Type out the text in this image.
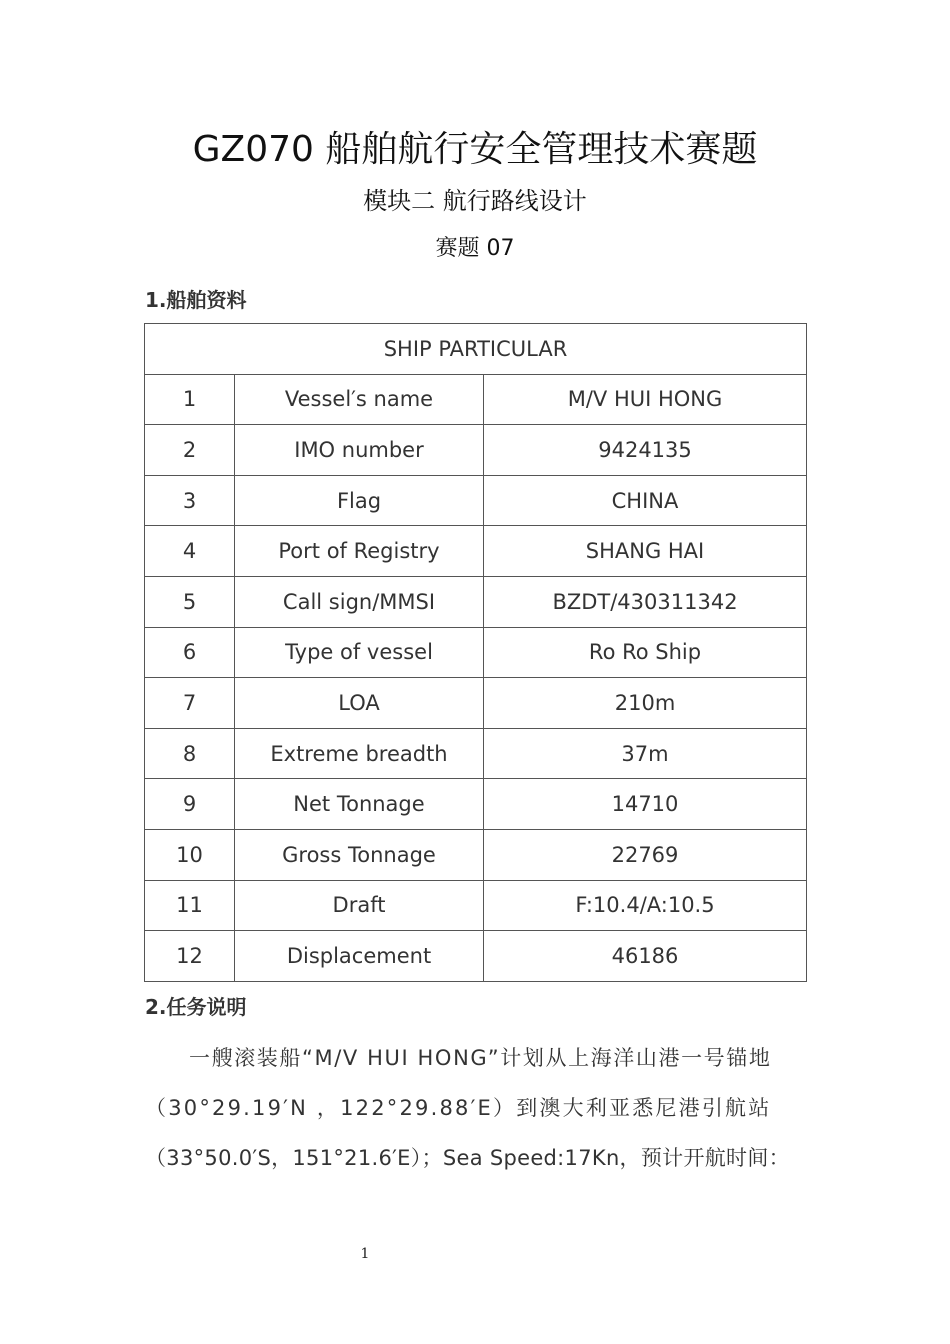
GZ070 船舶航行安全管理技术赛题
模块二 航行路线设计
赛题 07
1.船舶资料
SHIP PARTICULAR		
1	Vessel′s name	M/V HUI HONG
2	IMO number	9424135
3	Flag	CHINA
4	Port of Registry	SHANG HAI
5	Call sign/MMSI	BZDT/430311342
6	Type of vessel	Ro Ro Ship
7	LOA	210m
8	Extreme breadth	37m
9	Net Tonnage	14710
10	Gross Tonnage	22769
11	Draft	F:10.4/A:10.5
12	Displacement	46186
2.任务说明
一艘滚装船“M/V HUI HONG”计划从上海洋山港一号锚地
（30°29.19′N ，122°29.88′E）到澳大利亚悉尼港引航站
（33°50.0′S，151°21.6′E）；Sea Speed:17Kn，预计开航时间：
1
